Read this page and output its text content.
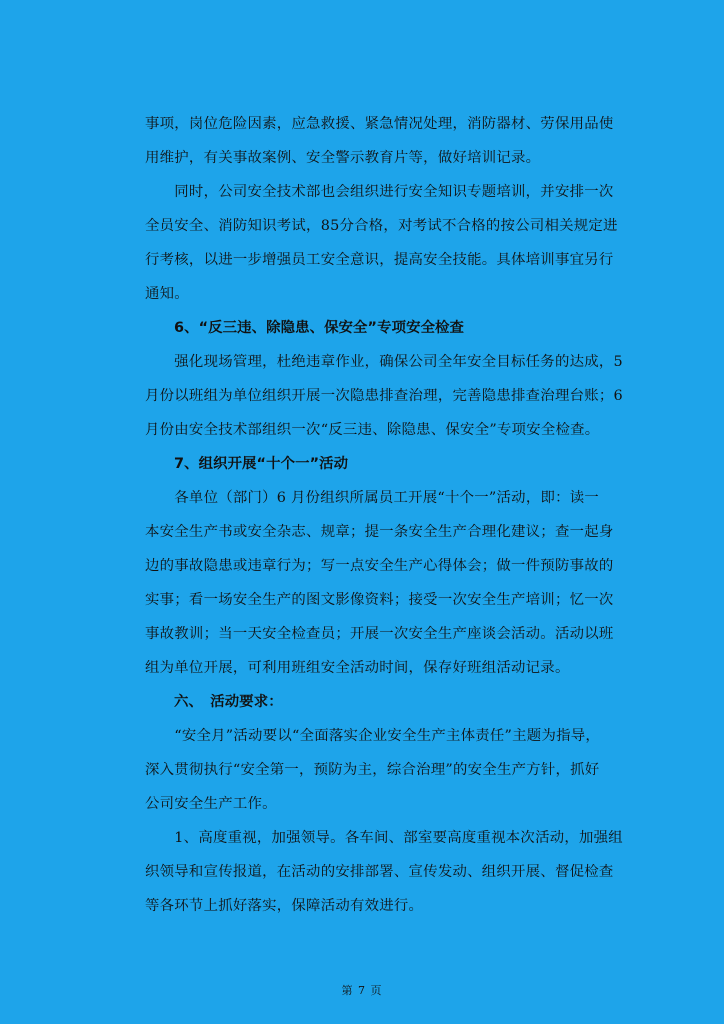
事项，岗位危险因素，应急救援、紧急情况处理，消防器材、劳保用品使
用维护，有关事故案例、安全警示教育片等，做好培训记录。
　　同时，公司安全技术部也会组织进行安全知识专题培训，并安排一次
全员安全、消防知识考试，85分合格，对考试不合格的按公司相关规定进
行考核，以进一步增强员工安全意识，提高安全技能。具体培训事宜另行
通知。
　　6、“反三违、除隐患、保安全”专项安全检查
　　强化现场管理，杜绝违章作业，确保公司全年安全目标任务的达成，5
月份以班组为单位组织开展一次隐患排查治理，完善隐患排查治理台账；6
月份由安全技术部组织一次“反三违、除隐患、保安全”专项安全检查。
　　7、组织开展“十个一”活动
　　各单位（部门）6 月份组织所属员工开展“十个一”活动，即：读一
本安全生产书或安全杂志、规章；提一条安全生产合理化建议；查一起身
边的事故隐患或违章行为；写一点安全生产心得体会；做一件预防事故的
实事；看一场安全生产的图文影像资料；接受一次安全生产培训；忆一次
事故教训；当一天安全检查员；开展一次安全生产座谈会活动。活动以班
组为单位开展，可利用班组安全活动时间，保存好班组活动记录。
　　六、　活动要求：
　　“安全月”活动要以“全面落实企业安全生产主体责任”主题为指导，
深入贯彻执行“安全第一，预防为主，综合治理”的安全生产方针，抓好
公司安全生产工作。
　　1、高度重视，加强领导。各车间、部室要高度重视本次活动，加强组
织领导和宣传报道，在活动的安排部署、宣传发动、组织开展、督促检查
等各环节上抓好落实，保障活动有效进行。
第 7 页
